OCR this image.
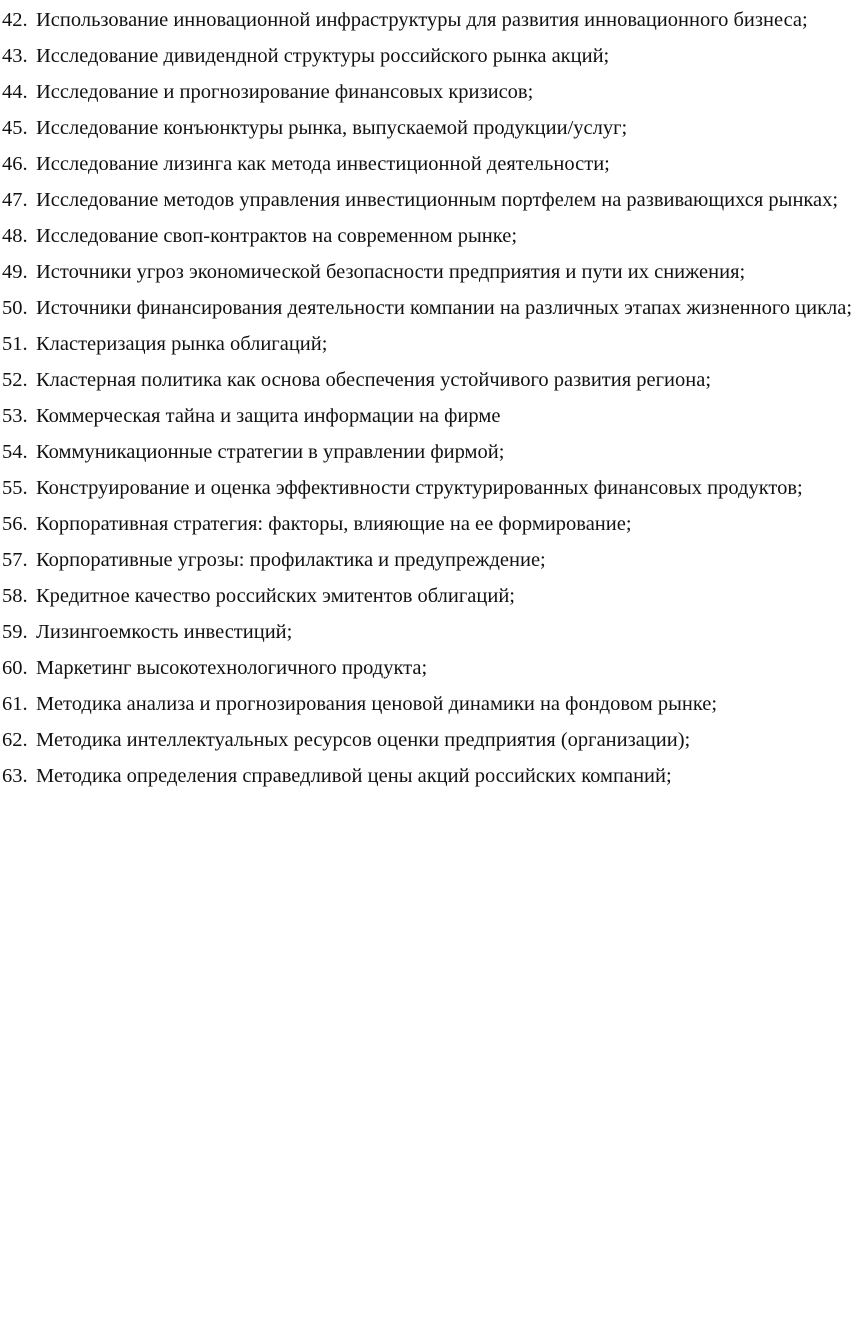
42. Использование инновационной инфраструктуры для развития инновационного бизнеса;
43. Исследование дивидендной структуры российского рынка акций;
44. Исследование и прогнозирование финансовых кризисов;
45. Исследование конъюнктуры рынка, выпускаемой продукции/услуг;
46. Исследование лизинга как метода инвестиционной деятельности;
47. Исследование методов управления инвестиционным портфелем на развивающихся рынках;
48. Исследование своп-контрактов на современном рынке;
49. Источники угроз экономической безопасности предприятия и пути их снижения;
50. Источники финансирования деятельности компании на различных этапах жизненного цикла;
51. Кластеризация рынка облигаций;
52. Кластерная политика как основа обеспечения устойчивого развития региона;
53. Коммерческая тайна и защита информации на фирме
54. Коммуникационные стратегии в управлении фирмой;
55. Конструирование и оценка эффективности структурированных финансовых продуктов;
56. Корпоративная стратегия: факторы, влияющие на ее формирование;
57. Корпоративные угрозы: профилактика и предупреждение;
58. Кредитное качество российских эмитентов облигаций;
59. Лизингоемкость инвестиций;
60. Маркетинг высокотехнологичного продукта;
61. Методика анализа и прогнозирования ценовой динамики на фондовом рынке;
62. Методика интеллектуальных ресурсов оценки предприятия (организации);
63. Методика определения справедливой цены акций российских компаний;
